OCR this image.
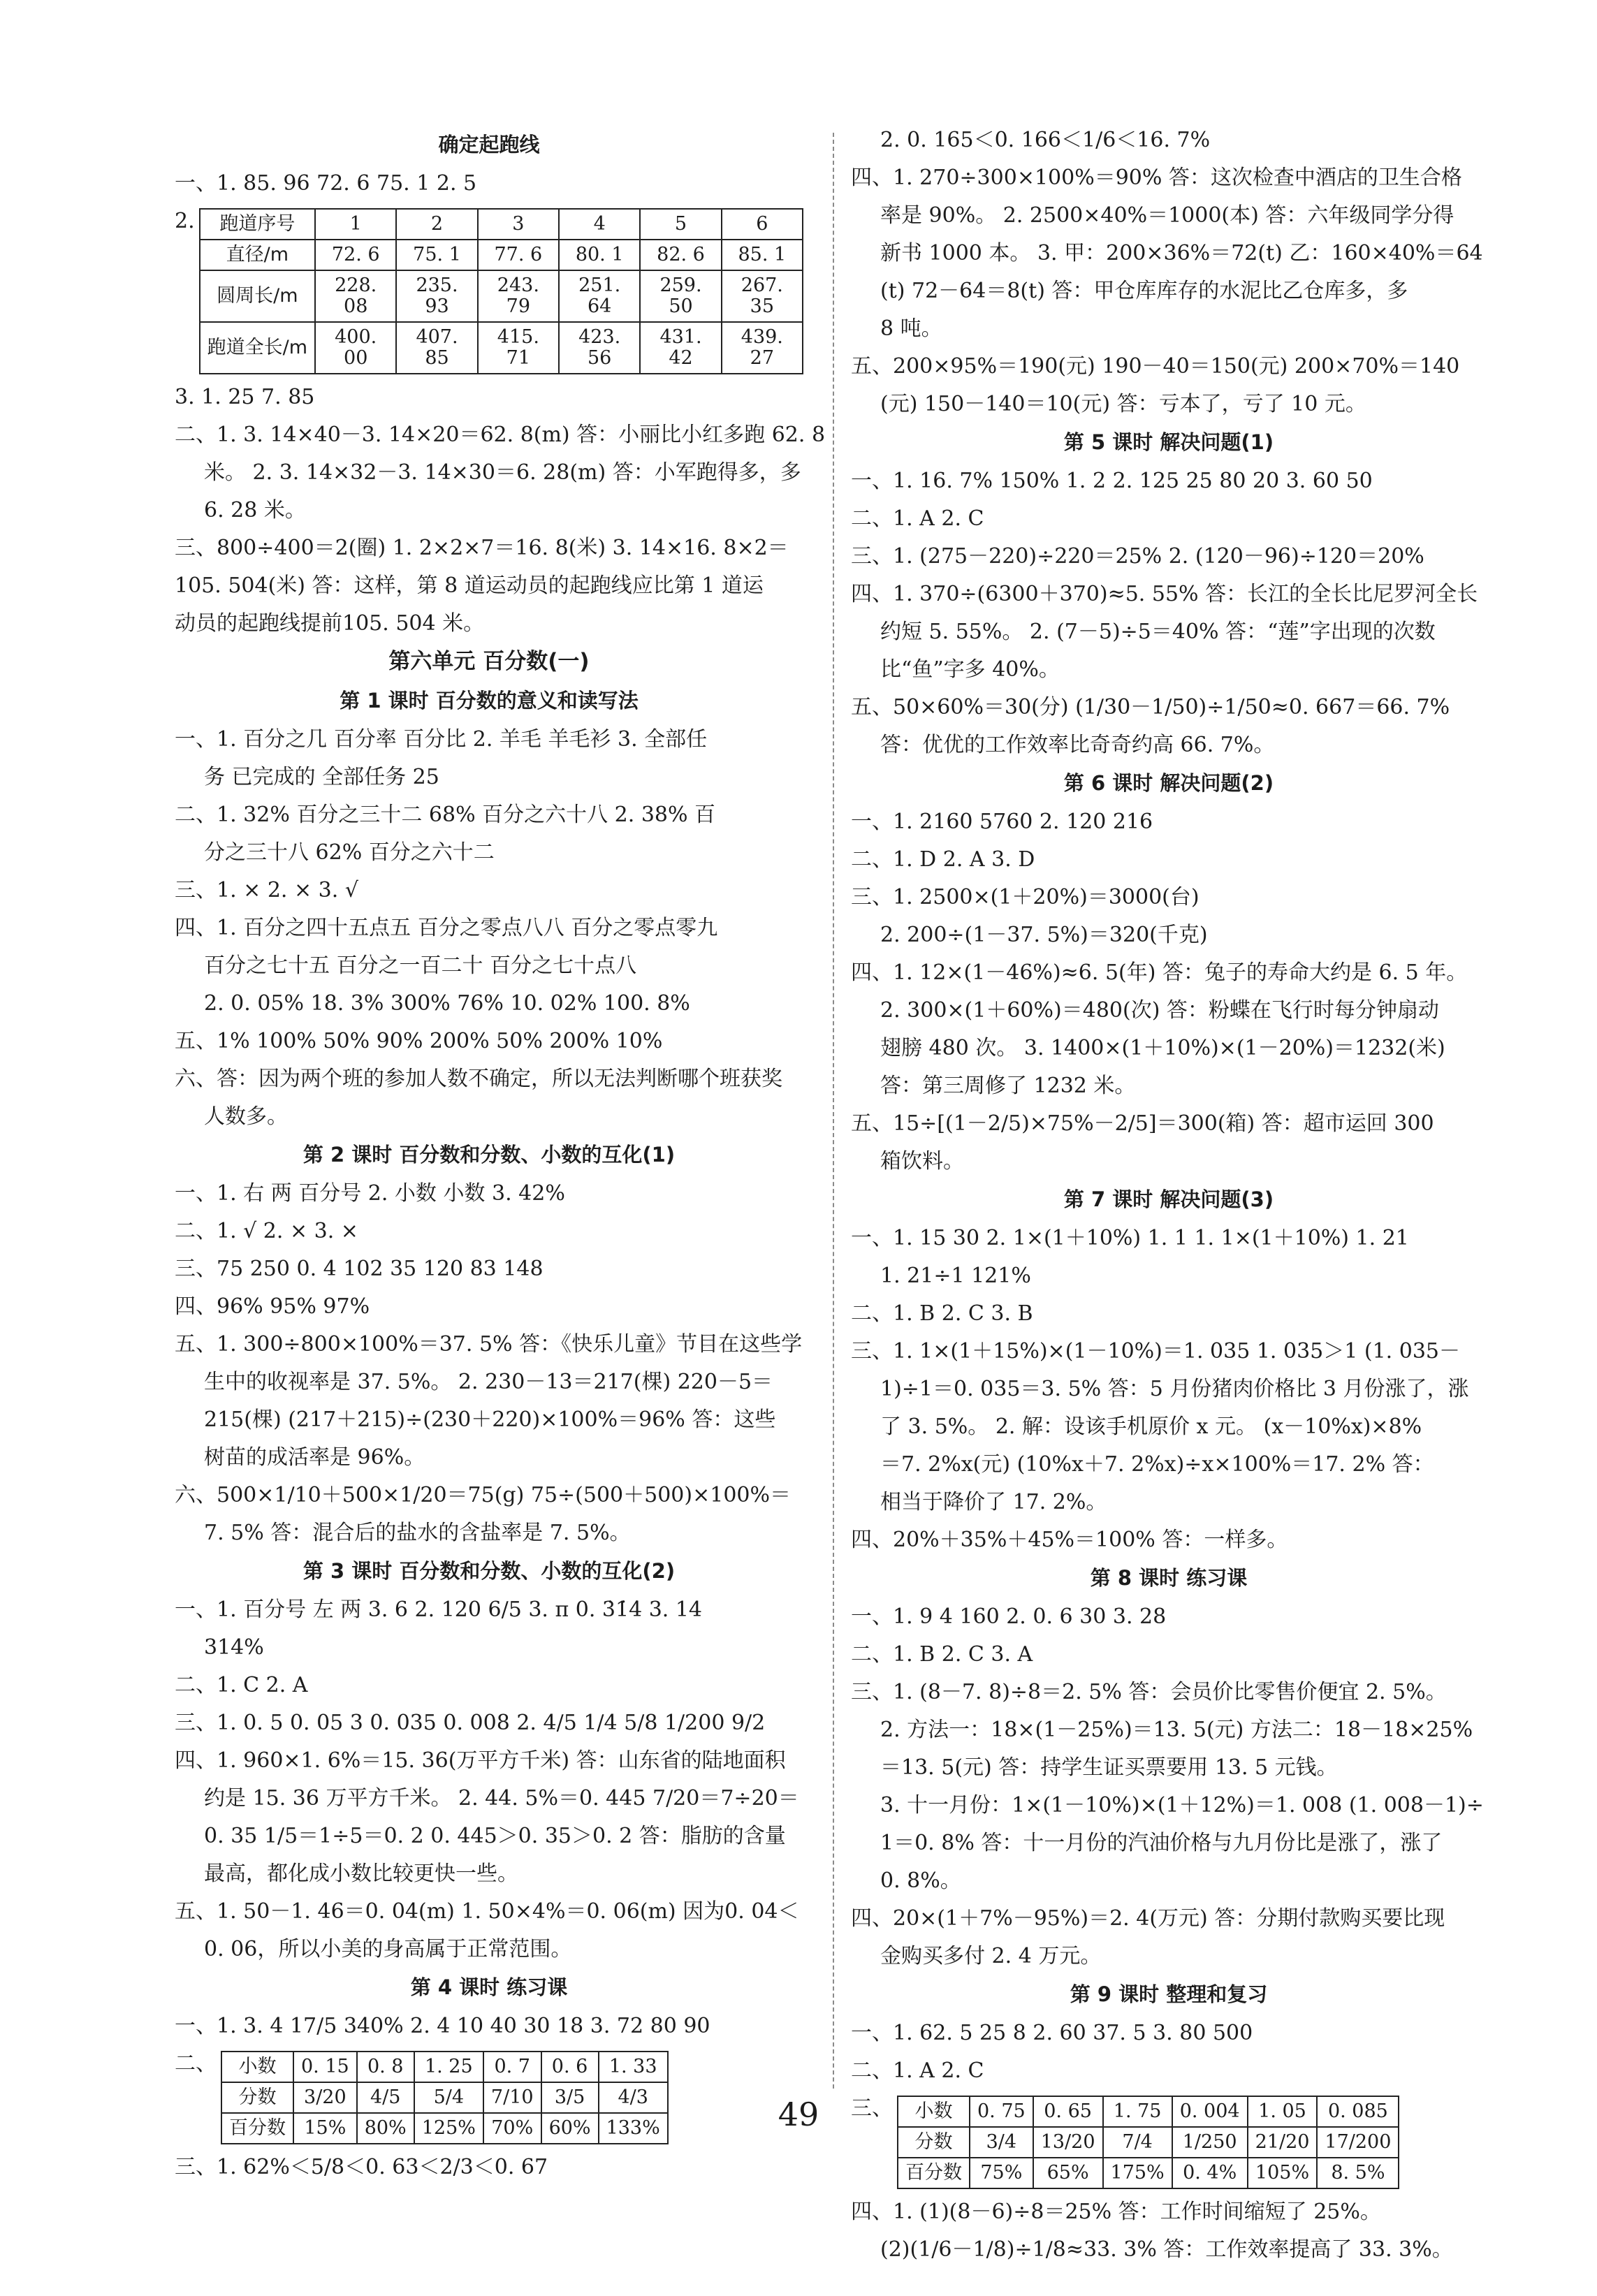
确定起跑线
一、1. 85. 96 72. 6 75. 1 2. 5
2. 跑道序号	1	2	3	4	5	6
直径/m	72. 6	75. 1	77. 6	80. 1	82. 6	85. 1
圆周长/m	228. 08	235. 93	243. 79	251. 64	259. 50	267. 35
跑道全长/m	400. 00	407. 85	415. 71	423. 56	431. 42	439. 27
3. 1. 25 7. 85
二、1. 3. 14×40－3. 14×20＝62. 8(m) 答：小丽比小红多跑 62. 8
米。 2. 3. 14×32－3. 14×30＝6. 28(m) 答：小军跑得多，多
6. 28 米。
三、800÷400＝2(圈) 1. 2×2×7＝16. 8(米) 3. 14×16. 8×2＝
105. 504(米) 答：这样，第 8 道运动员的起跑线应比第 1 道运
动员的起跑线提前105. 504 米。
第六单元 百分数(一)
第 1 课时 百分数的意义和读写法
一、1. 百分之几 百分率 百分比 2. 羊毛 羊毛衫 3. 全部任
务 已完成的 全部任务 25
二、1. 32% 百分之三十二 68% 百分之六十八 2. 38% 百
分之三十八 62% 百分之六十二
三、1. × 2. × 3. √
四、1. 百分之四十五点五 百分之零点八八 百分之零点零九
百分之七十五 百分之一百二十 百分之七十点八
2. 0. 05% 18. 3% 300% 76% 10. 02% 100. 8%
五、1% 100% 50% 90% 200% 50% 200% 10%
六、答：因为两个班的参加人数不确定，所以无法判断哪个班获奖
人数多。
第 2 课时 百分数和分数、小数的互化(1)
一、1. 右 两 百分号 2. 小数 小数 3. 42%
二、1. √ 2. × 3. ×
三、75 250 0. 4 102 35 120 83 148
四、96% 95% 97%
五、1. 300÷800×100%＝37. 5% 答：《快乐儿童》节目在这些学
生中的收视率是 37. 5%。 2. 230－13＝217(棵) 220－5＝
215(棵) (217＋215)÷(230＋220)×100%＝96% 答：这些
树苗的成活率是 96%。
六、500×1/10＋500×1/20＝75(g) 75÷(500＋500)×100%＝
7. 5% 答：混合后的盐水的含盐率是 7. 5%。
第 3 课时 百分数和分数、小数的互化(2)
一、1. 百分号 左 两 3. 6 2. 120 6/5 3. π 0. 3̇1̇4̇ 3. 14
314%
二、1. C 2. A
三、1. 0. 5 0. 05 3 0. 035 0. 008 2. 4/5 1/4 5/8 1/200 9/2
四、1. 960×1. 6%＝15. 36(万平方千米) 答：山东省的陆地面积
约是 15. 36 万平方千米。 2. 44. 5%＝0. 445 7/20＝7÷20＝
0. 35 1/5＝1÷5＝0. 2 0. 445＞0. 35＞0. 2 答：脂肪的含量
最高，都化成小数比较更快一些。
五、1. 50－1. 46＝0. 04(m) 1. 50×4%＝0. 06(m) 因为0. 04＜
0. 06，所以小美的身高属于正常范围。
第 4 课时 练习课
一、1. 3. 4 17/5 340% 2. 4 10 40 30 18 3. 72 80 90
二、 小数	0. 15	0. 8	1. 25	0. 7	0. 6	1. 33
分数	3/20	4/5	5/4	7/10	3/5	4/3
百分数	15%	80%	125%	70%	60%	133%
三、1. 62%＜5/8＜0. 63＜2/3＜0. 67
2. 0. 165＜0. 166＜1/6＜16. 7%
四、1. 270÷300×100%＝90% 答：这次检查中酒店的卫生合格
率是 90%。 2. 2500×40%＝1000(本) 答：六年级同学分得
新书 1000 本。 3. 甲：200×36%＝72(t) 乙：160×40%＝64
(t) 72－64＝8(t) 答：甲仓库库存的水泥比乙仓库多，多
8 吨。
五、200×95%＝190(元) 190－40＝150(元) 200×70%＝140
(元) 150－140＝10(元) 答：亏本了，亏了 10 元。
第 5 课时 解决问题(1)
一、1. 16. 7% 150% 1. 2 2. 125 25 80 20 3. 60 50
二、1. A 2. C
三、1. (275－220)÷220＝25% 2. (120－96)÷120＝20%
四、1. 370÷(6300＋370)≈5. 55% 答：长江的全长比尼罗河全长
约短 5. 55%。 2. (7－5)÷5＝40% 答：“莲”字出现的次数
比“鱼”字多 40%。
五、50×60%＝30(分) (1/30－1/50)÷1/50≈0. 667＝66. 7%
答：优优的工作效率比奇奇约高 66. 7%。
第 6 课时 解决问题(2)
一、1. 2160 5760 2. 120 216
二、1. D 2. A 3. D
三、1. 2500×(1＋20%)＝3000(台)
2. 200÷(1－37. 5%)＝320(千克)
四、1. 12×(1－46%)≈6. 5(年) 答：兔子的寿命大约是 6. 5 年。
2. 300×(1＋60%)＝480(次) 答：粉蝶在飞行时每分钟扇动
翅膀 480 次。 3. 1400×(1＋10%)×(1－20%)＝1232(米)
答：第三周修了 1232 米。
五、15÷[(1－2/5)×75%－2/5]＝300(箱) 答：超市运回 300
箱饮料。
第 7 课时 解决问题(3)
一、1. 15 30 2. 1×(1＋10%) 1. 1 1. 1×(1＋10%) 1. 21
1. 21÷1 121%
二、1. B 2. C 3. B
三、1. 1×(1＋15%)×(1－10%)＝1. 035 1. 035＞1 (1. 035－
1)÷1＝0. 035＝3. 5% 答：5 月份猪肉价格比 3 月份涨了，涨
了 3. 5%。 2. 解：设该手机原价 x 元。 (x－10%x)×8%
＝7. 2%x(元) (10%x＋7. 2%x)÷x×100%＝17. 2% 答：
相当于降价了 17. 2%。
四、20%＋35%＋45%＝100% 答：一样多。
第 8 课时 练习课
一、1. 9 4 160 2. 0. 6 30 3. 28
二、1. B 2. C 3. A
三、1. (8－7. 8)÷8＝2. 5% 答：会员价比零售价便宜 2. 5%。
2. 方法一：18×(1－25%)＝13. 5(元) 方法二：18－18×25%
＝13. 5(元) 答：持学生证买票要用 13. 5 元钱。
3. 十一月份：1×(1－10%)×(1＋12%)＝1. 008 (1. 008－1)÷
1＝0. 8% 答：十一月份的汽油价格与九月份比是涨了，涨了
0. 8%。
四、20×(1＋7%－95%)＝2. 4(万元) 答：分期付款购买要比现
金购买多付 2. 4 万元。
第 9 课时 整理和复习
一、1. 62. 5 25 8 2. 60 37. 5 3. 80 500
二、1. A 2. C
三、 小数	0. 75	0. 65	1. 75	0. 004	1. 05	0. 085
分数	3/4	13/20	7/4	1/250	21/20	17/200
百分数	75%	65%	175%	0. 4%	105%	8. 5%
四、1. (1)(8－6)÷8＝25% 答：工作时间缩短了 25%。
(2)(1/6－1/8)÷1/8≈33. 3% 答：工作效率提高了 33. 3%。
49
